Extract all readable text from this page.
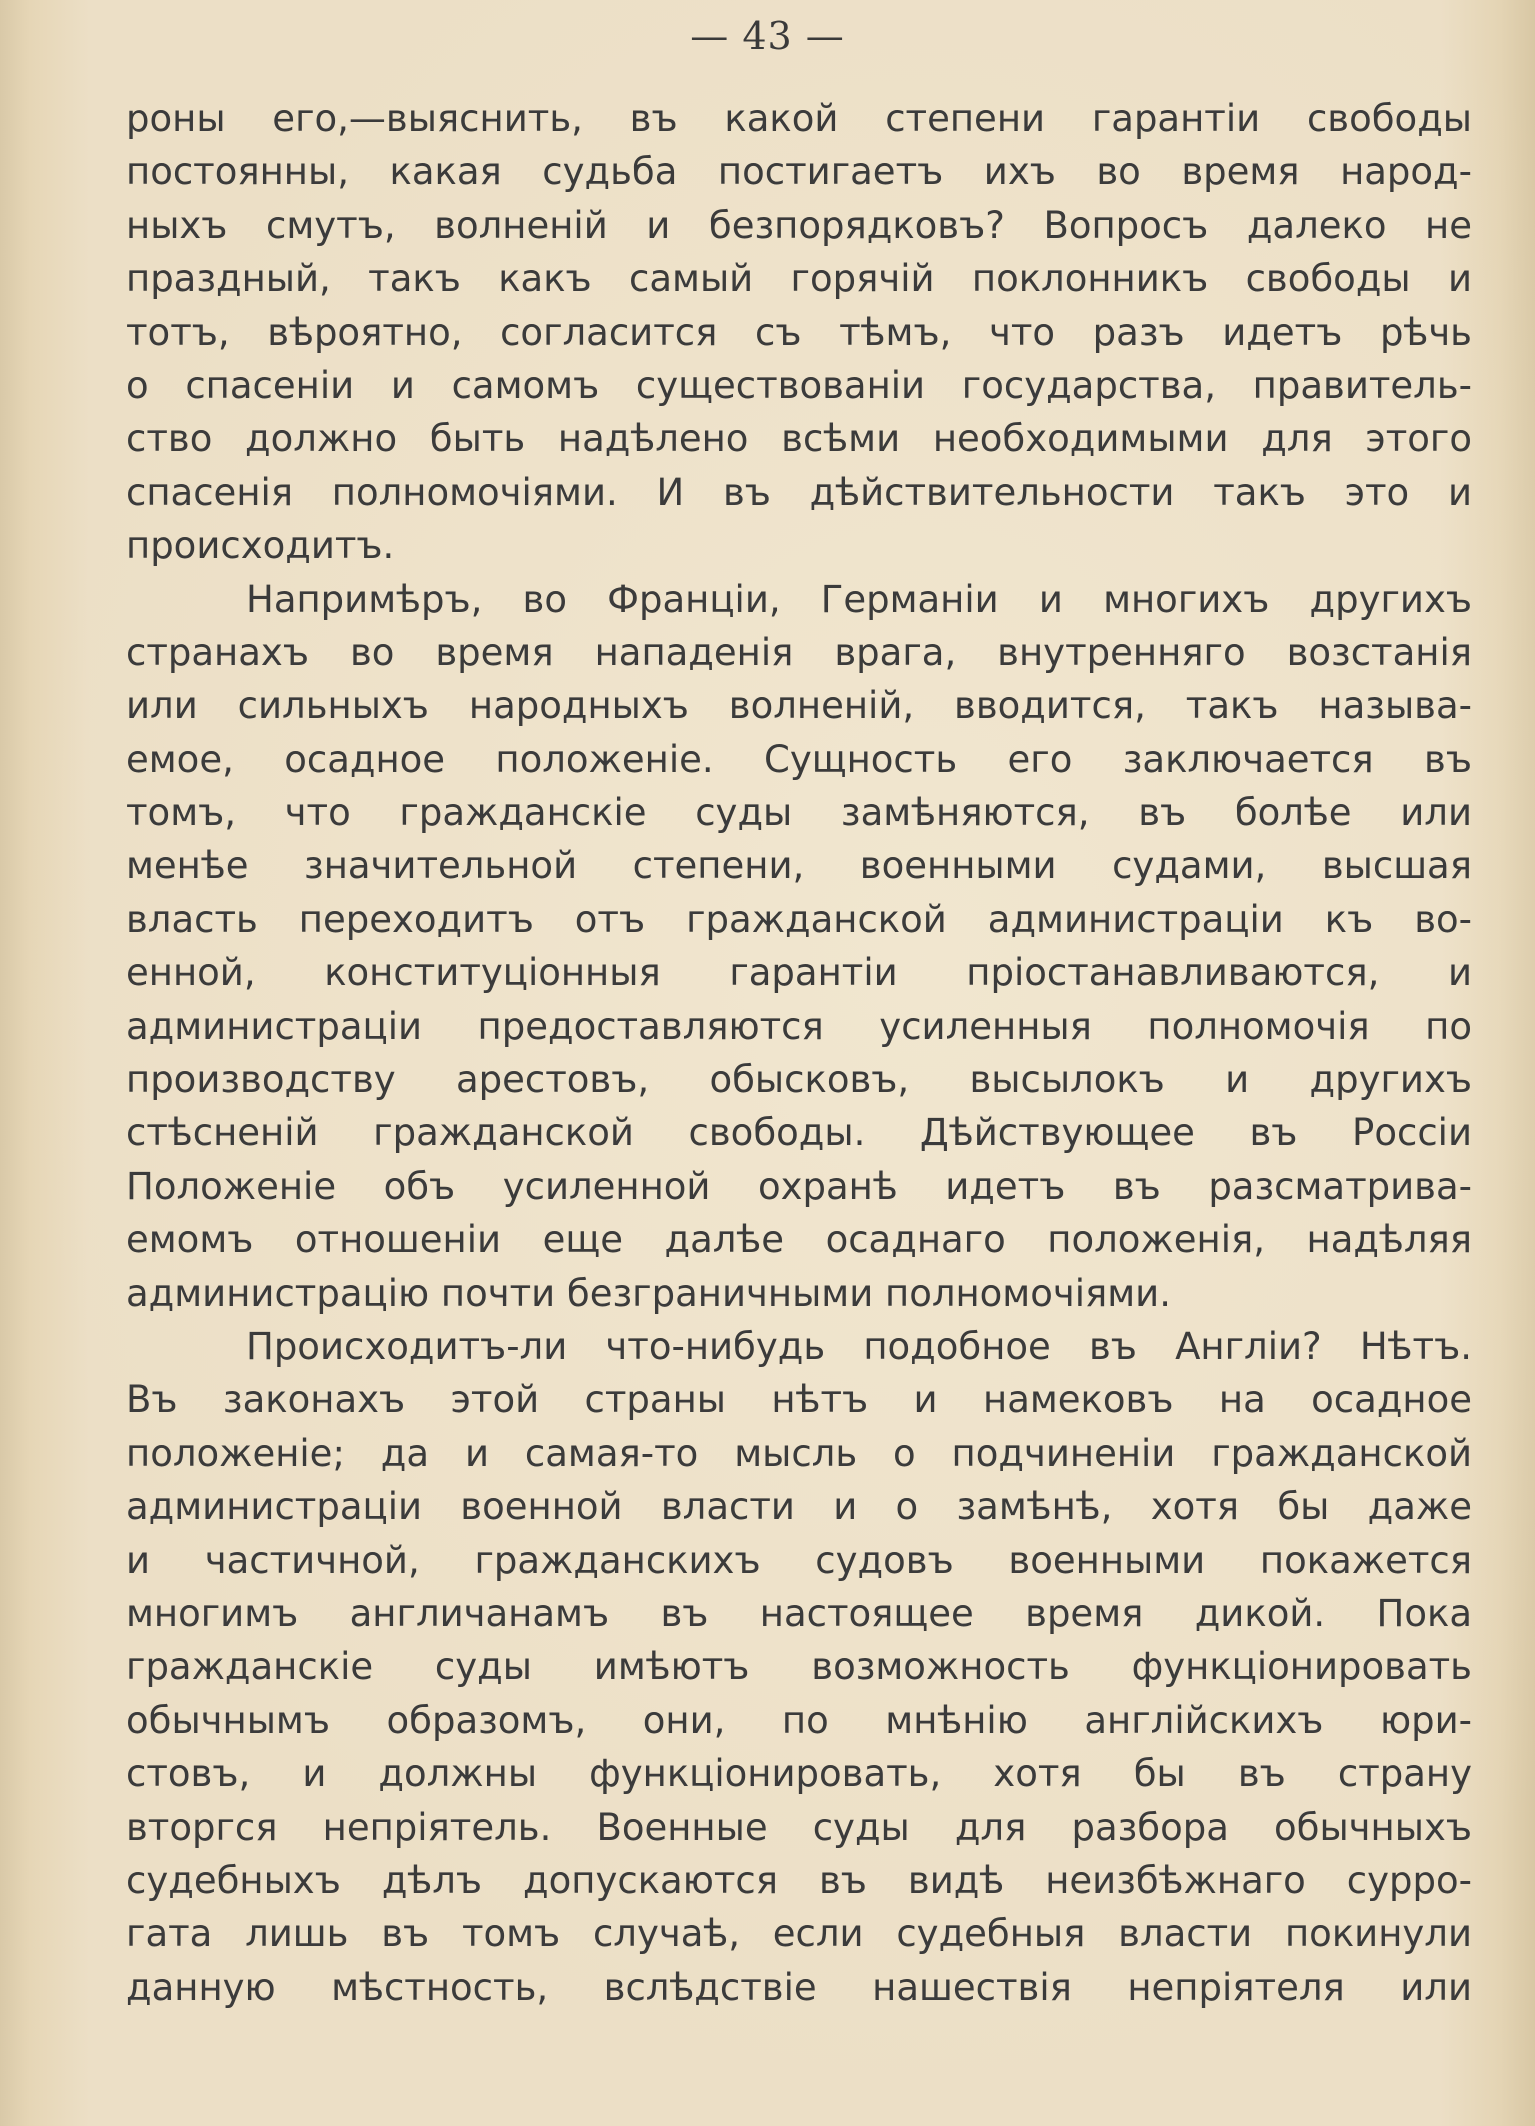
— 43 —
роны его,—выяснить, въ какой степени гарантіи свободы
постоянны, какая судьба постигаетъ ихъ во время народ-
ныхъ смутъ, волненій и безпорядковъ? Вопросъ далеко не
праздный, такъ какъ самый горячій поклонникъ свободы и
тотъ, вѣроятно, согласится съ тѣмъ, что разъ идетъ рѣчь
о спасеніи и самомъ существованіи государства, правитель-
ство должно быть надѣлено всѣми необходимыми для этого
спасенія полномочіями. И въ дѣйствительности такъ это и
происходитъ.
Напримѣръ, во Франціи, Германіи и многихъ другихъ
странахъ во время нападенія врага, внутренняго возстанія
или сильныхъ народныхъ волненій, вводится, такъ называ-
емое, осадное положеніе. Сущность его заключается въ
томъ, что гражданскіе суды замѣняются, въ болѣе или
менѣе значительной степени, военными судами, высшая
власть переходитъ отъ гражданской администраціи къ во-
енной, конституціонныя гарантіи пріостанавливаются, и
администраціи предоставляются усиленныя полномочія по
производству арестовъ, обысковъ, высылокъ и другихъ
стѣсненій гражданской свободы. Дѣйствующее въ Россіи
Положеніе объ усиленной охранѣ идетъ въ разсматривa-
емомъ отношеніи еще далѣе осаднаго положенія, надѣляя
администрацію почти безграничными полномочіями.
Происходитъ-ли что-нибудь подобное въ Англіи? Нѣтъ.
Въ законахъ этой страны нѣтъ и намековъ на осадное
положеніе; да и самая-то мысль о подчиненіи гражданской
администраціи военной власти и о замѣнѣ, хотя бы даже
и частичной, гражданскихъ судовъ военными покажется
многимъ англичанамъ въ настоящее время дикой. Пока
гражданскіе суды имѣютъ возможность функціонировать
обычнымъ образомъ, они, по мнѣнію англійскихъ юри-
стовъ, и должны функціонировать, хотя бы въ страну
вторгся непріятель. Военные суды для разбора обычныхъ
судебныхъ дѣлъ допускаются въ видѣ неизбѣжнаго сурро-
гата лишь въ томъ случаѣ, если судебныя власти покинули
данную мѣстность, вслѣдствіе нашествія непріятеля или
